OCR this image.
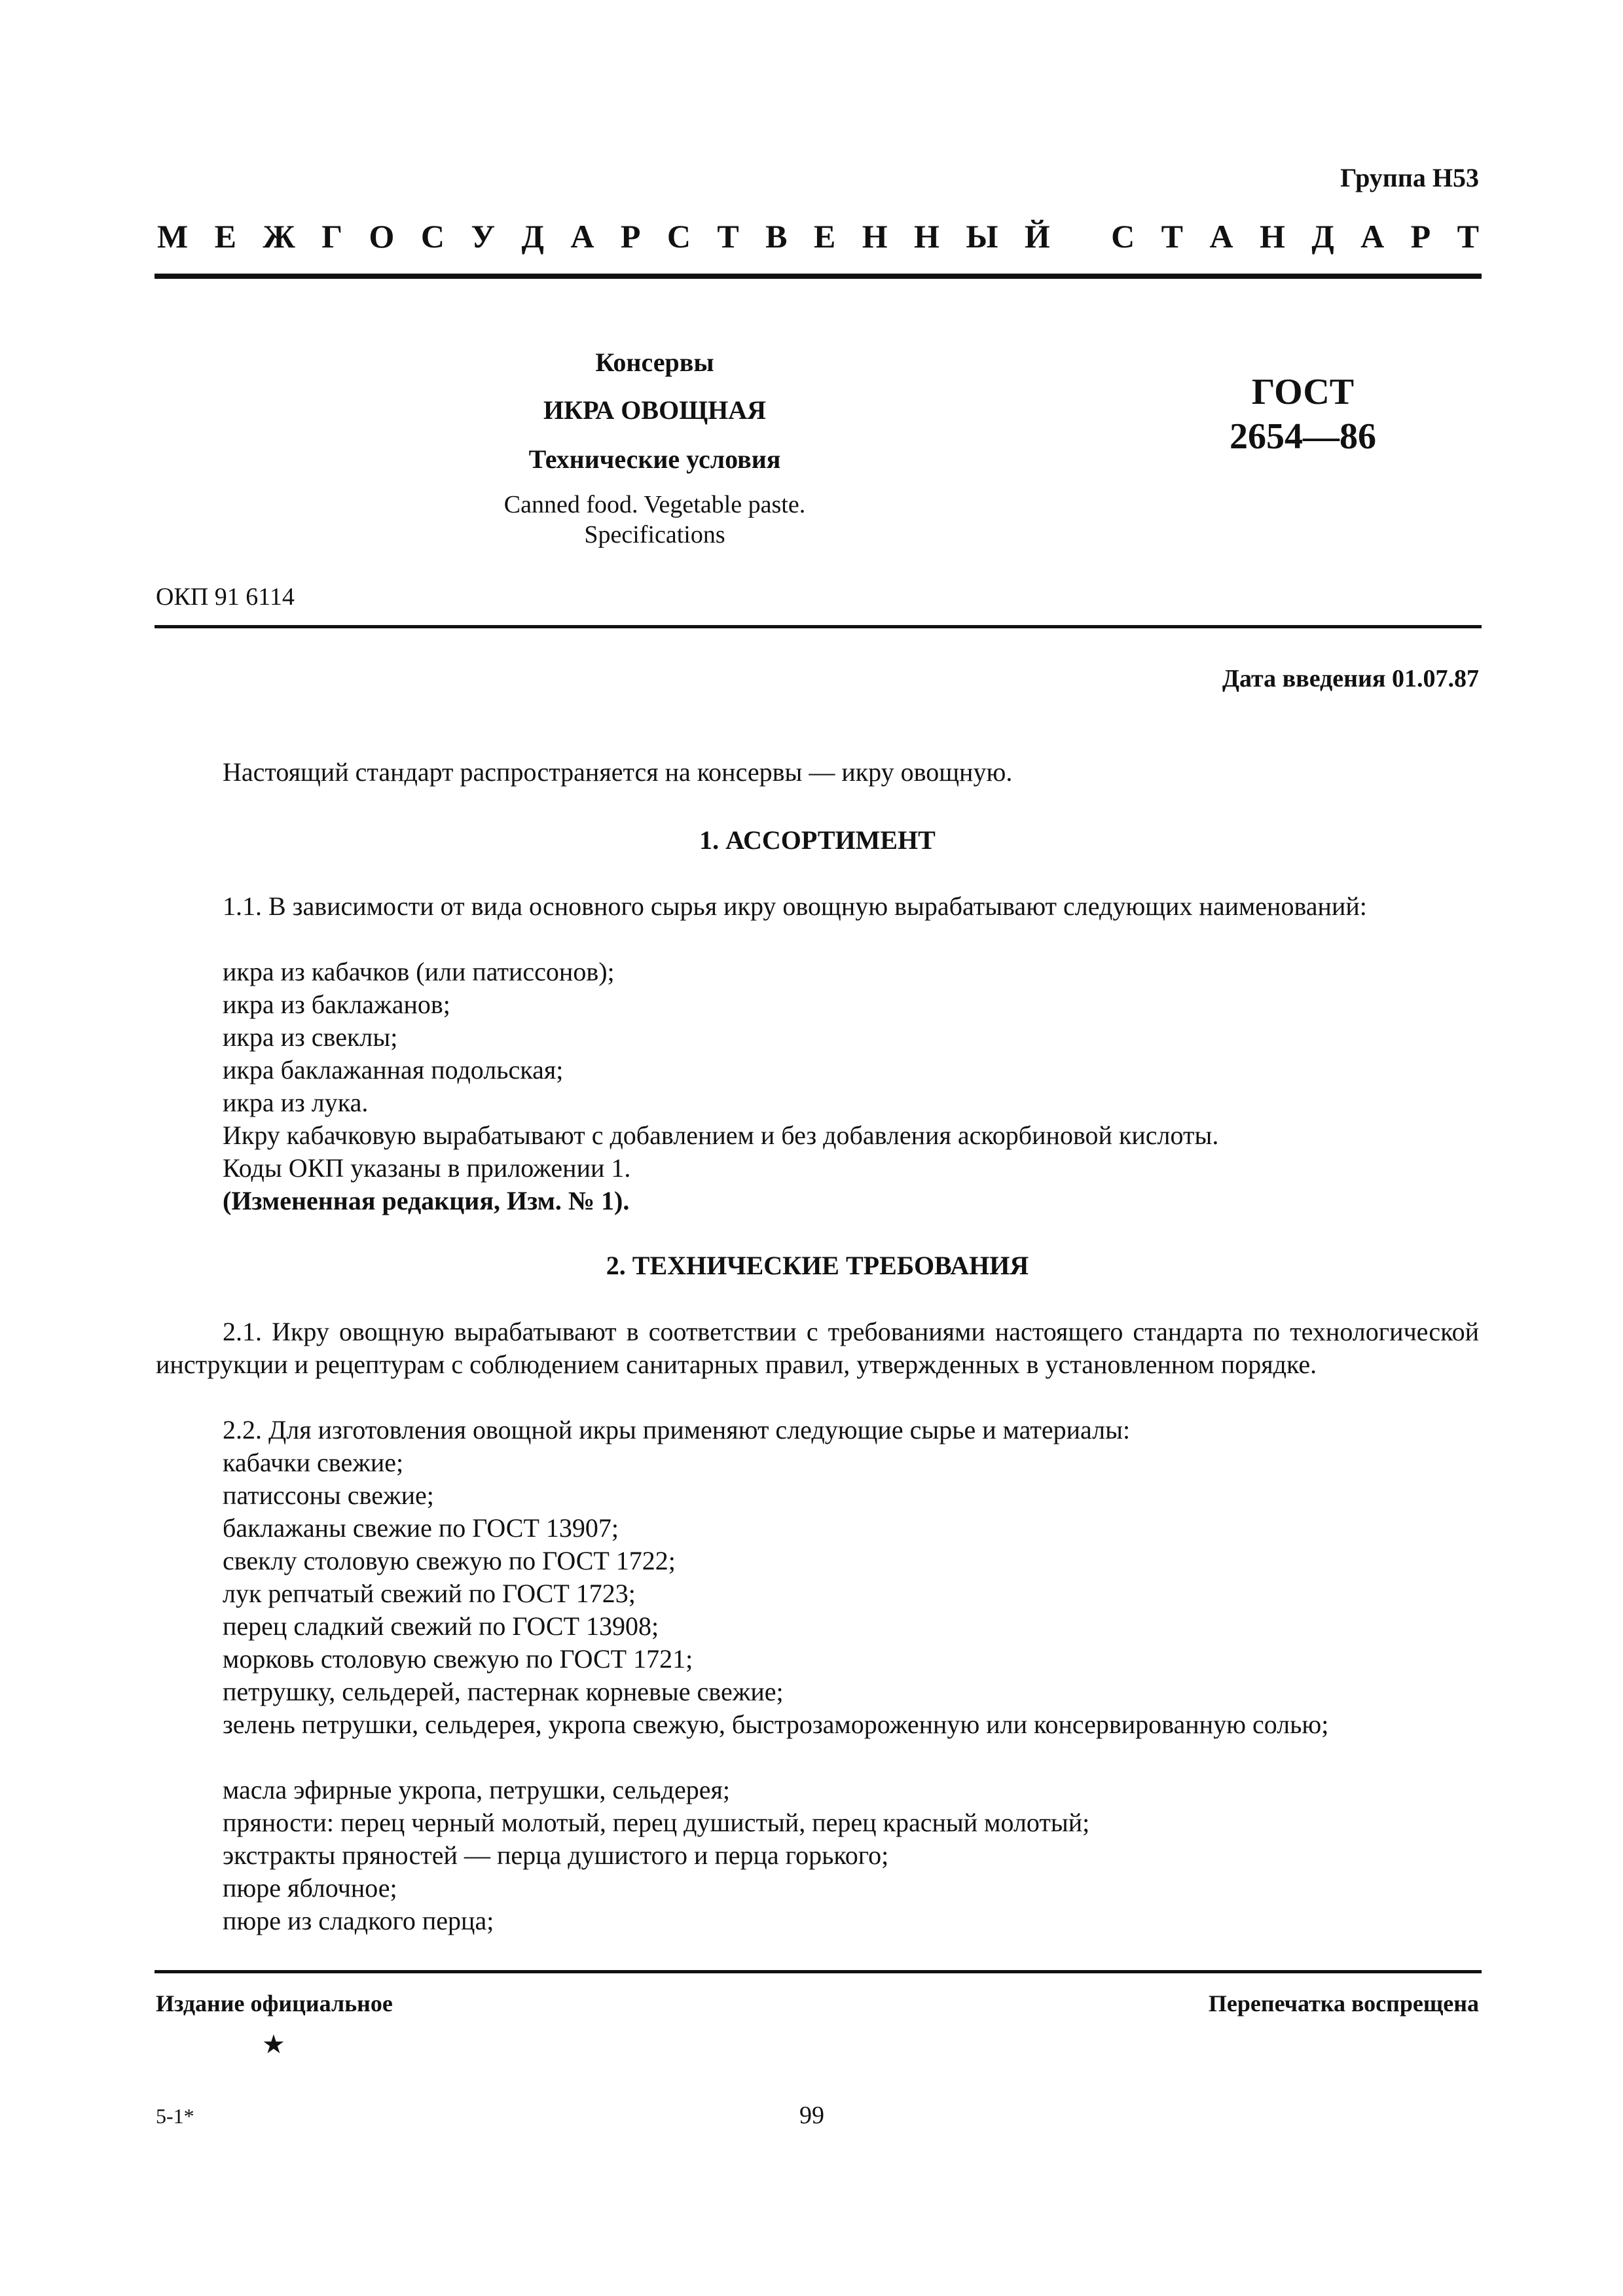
Группа Н53
М Е Ж Г О С У Д А Р С Т В Е Н Н Ы Й
С Т А Н Д А Р Т
Консервы
ИКРА ОВОЩНАЯ
Технические условия
Canned food. Vegetable paste.
Specifications
ГОСТ
2654—86
ОКП 91 6114
Дата введения 01.07.87
Настоящий стандарт распространяется на консервы — икру овощную.
1. АССОРТИМЕНТ
1.1. В зависимости от вида основного сырья икру овощную вырабатывают следующих наименований:
икра из кабачков (или патиссонов);
икра из баклажанов;
икра из свеклы;
икра баклажанная подольская;
икра из лука.
Икру кабачковую вырабатывают с добавлением и без добавления аскорбиновой кислоты.
Коды ОКП указаны в приложении 1.
(Измененная редакция, Изм. № 1).
2. ТЕХНИЧЕСКИЕ ТРЕБОВАНИЯ
2.1. Икру овощную вырабатывают в соответствии с требованиями настоящего стандарта по технологической инструкции и рецептурам с соблюдением санитарных правил, утвержденных в установленном порядке.
2.2. Для изготовления овощной икры применяют следующие сырье и материалы:
кабачки свежие;
патиссоны свежие;
баклажаны свежие по ГОСТ 13907;
свеклу столовую свежую по ГОСТ 1722;
лук репчатый свежий по ГОСТ 1723;
перец сладкий свежий по ГОСТ 13908;
морковь столовую свежую по ГОСТ 1721;
петрушку, сельдерей, пастернак корневые свежие;
зелень петрушки, сельдерея, укропа свежую, быстрозамороженную или консервированную солью;
масла эфирные укропа, петрушки, сельдерея;
пряности: перец черный молотый, перец душистый, перец красный молотый;
экстракты пряностей — перца душистого и перца горького;
пюре яблочное;
пюре из сладкого перца;
Издание официальное	Перепечатка воспрещена
★
5-1*	99
